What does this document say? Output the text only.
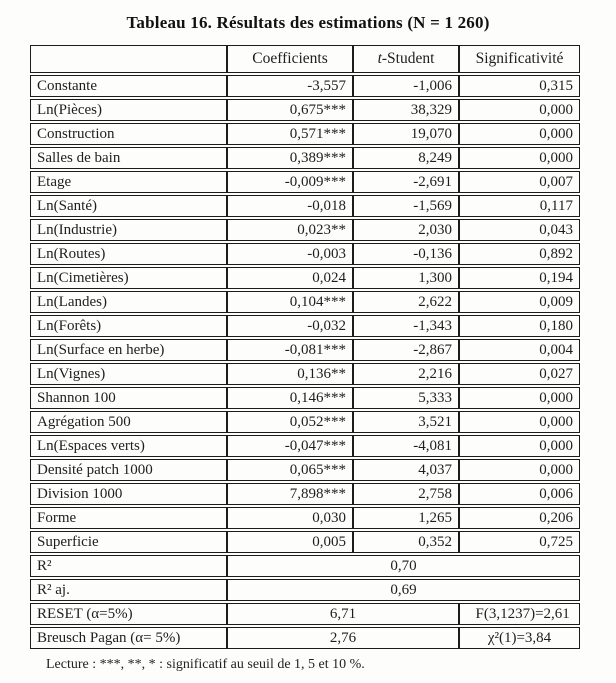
Tableau 16. Résultats des estimations (N = 1 260)
	Coefficients	t-Student	Significativité
Constante	-3,557	-1,006	0,315
Ln(Pièces)	0,675***	38,329	0,000
Construction	0,571***	19,070	0,000
Salles de bain	0,389***	8,249	0,000
Etage	-0,009***	-2,691	0,007
Ln(Santé)	-0,018	-1,569	0,117
Ln(Industrie)	0,023**	2,030	0,043
Ln(Routes)	-0,003	-0,136	0,892
Ln(Cimetières)	0,024	1,300	0,194
Ln(Landes)	0,104***	2,622	0,009
Ln(Forêts)	-0,032	-1,343	0,180
Ln(Surface en herbe)	-0,081***	-2,867	0,004
Ln(Vignes)	0,136**	2,216	0,027
Shannon 100	0,146***	5,333	0,000
Agrégation 500	0,052***	3,521	0,000
Ln(Espaces verts)	-0,047***	-4,081	0,000
Densité patch 1000	0,065***	4,037	0,000
Division 1000	7,898***	2,758	0,006
Forme	0,030	1,265	0,206
Superficie	0,005	0,352	0,725
R²	0,70		
R² aj.	0,69		
RESET (α=5%)	6,71		F(3,1237)=2,61

Breusch Pagan (α= 5%)	2,76		χ²(1)=3,84
Lecture : ***, **, * : significatif au seuil de 1, 5 et 10 %.
